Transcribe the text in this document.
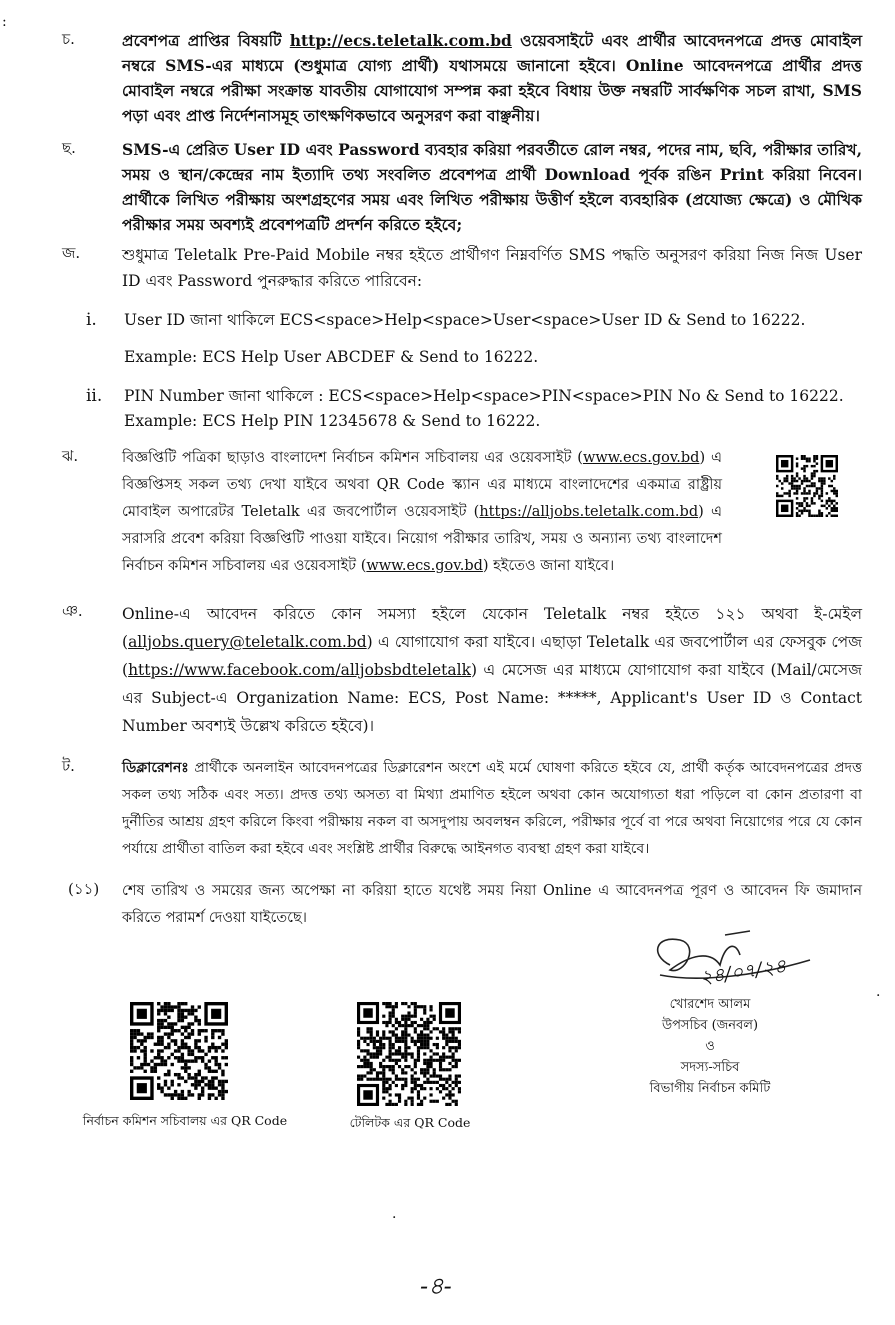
চ.	প্রবেশপত্র প্রাপ্তির বিষয়টি http://ecs.teletalk.com.bd ওয়েবসাইটে এবং প্রার্থীর আবেদনপত্রে প্রদত্ত মোবাইল নম্বরে SMS-এর মাধ্যমে (শুধুমাত্র যোগ্য প্রার্থী) যথাসময়ে জানানো হইবে। Online আবেদনপত্রে প্রার্থীর প্রদত্ত মোবাইল নম্বরে পরীক্ষা সংক্রান্ত যাবতীয় যোগাযোগ সম্পন্ন করা হইবে বিধায় উক্ত নম্বরটি সার্বক্ষণিক সচল রাখা, SMS পড়া এবং প্রাপ্ত নির্দেশনাসমূহ তাৎক্ষণিকভাবে অনুসরণ করা বাঞ্ছনীয়।
ছ.	SMS-এ প্রেরিত User ID এবং Password ব্যবহার করিয়া পরবর্তীতে রোল নম্বর, পদের নাম, ছবি, পরীক্ষার তারিখ, সময় ও স্থান/কেন্দ্রের নাম ইত্যাদি তথ্য সংবলিত প্রবেশপত্র প্রার্থী Download পূর্বক রঙিন Print করিয়া নিবেন। প্রার্থীকে লিখিত পরীক্ষায় অংশগ্রহণের সময় এবং লিখিত পরীক্ষায় উত্তীর্ণ হইলে ব্যবহারিক (প্রযোজ্য ক্ষেত্রে) ও মৌখিক পরীক্ষার সময় অবশ্যই প্রবেশপত্রটি প্রদর্শন করিতে হইবে;
জ.	শুধুমাত্র Teletalk Pre-Paid Mobile নম্বর হইতে প্রার্থীগণ নিম্নবর্ণিত SMS পদ্ধতি অনুসরণ করিয়া নিজ নিজ User ID এবং Password পুনরুদ্ধার করিতে পারিবেন:
i. User ID জানা থাকিলে ECS<space>Help<space>User<space>User ID & Send to 16222.
Example: ECS Help User ABCDEF & Send to 16222.
ii. PIN Number জানা থাকিলে : ECS<space>Help<space>PIN<space>PIN No & Send to 16222.
Example: ECS Help PIN 12345678 & Send to 16222.
ঝ.	বিজ্ঞপ্তিটি পত্রিকা ছাড়াও বাংলাদেশ নির্বাচন কমিশন সচিবালয় এর ওয়েবসাইট (www.ecs.gov.bd) এ বিজ্ঞপ্তিসহ সকল তথ্য দেখা যাইবে অথবা QR Code স্ক্যান এর মাধ্যমে বাংলাদেশের একমাত্র রাষ্ট্রীয় মোবাইল অপারেটর Teletalk এর জবপোর্টাল ওয়েবসাইট (https://alljobs.teletalk.com.bd) এ সরাসরি প্রবেশ করিয়া বিজ্ঞপ্তিটি পাওয়া যাইবে। নিয়োগ পরীক্ষার তারিখ, সময় ও অন্যান্য তথ্য বাংলাদেশ নির্বাচন কমিশন সচিবালয় এর ওয়েবসাইট (www.ecs.gov.bd) হইতেও জানা যাইবে।
ঞ.	Online-এ আবেদন করিতে কোন সমস্যা হইলে যেকোন Teletalk নম্বর হইতে ১২১ অথবা ই-মেইল (alljobs.query@teletalk.com.bd) এ যোগাযোগ করা যাইবে। এছাড়া Teletalk এর জবপোর্টাল এর ফেসবুক পেজ (https://www.facebook.com/alljobsbdteletalk) এ মেসেজ এর মাধ্যমে যোগাযোগ করা যাইবে (Mail/মেসেজ এর Subject-এ Organization Name: ECS, Post Name: *****, Applicant's User ID ও Contact Number অবশ্যই উল্লেখ করিতে হইবে)।
ট.	ডিক্লারেশনঃ প্রার্থীকে অনলাইন আবেদনপত্রের ডিক্লারেশন অংশে এই মর্মে ঘোষণা করিতে হইবে যে, প্রার্থী কর্তৃক আবেদনপত্রের প্রদত্ত সকল তথ্য সঠিক এবং সত্য। প্রদত্ত তথ্য অসত্য বা মিথ্যা প্রমাণিত হইলে অথবা কোন অযোগ্যতা ধরা পড়িলে বা কোন প্রতারণা বা দুর্নীতির আশ্রয় গ্রহণ করিলে কিংবা পরীক্ষায় নকল বা অসদুপায় অবলম্বন করিলে, পরীক্ষার পূর্বে বা পরে অথবা নিয়োগের পরে যে কোন পর্যায়ে প্রার্থীতা বাতিল করা হইবে এবং সংশ্লিষ্ট প্রার্থীর বিরুদ্ধে আইনগত ব্যবস্থা গ্রহণ করা যাইবে।
(১১) শেষ তারিখ ও সময়ের জন্য অপেক্ষা না করিয়া হাতে যথেষ্ট সময় নিয়া Online এ আবেদনপত্র পূরণ ও আবেদন ফি জমাদান করিতে পরামর্শ দেওয়া যাইতেছে।
নির্বাচন কমিশন সচিবালয় এর QR Code	টেলিটক এর QR Code
২৪/০৭/২৪
খোরশেদ আলম
উপসচিব (জনবল)
ও
সদস্য-সচিব
বিভাগীয় নির্বাচন কমিটি
-৪-
:
·
·
